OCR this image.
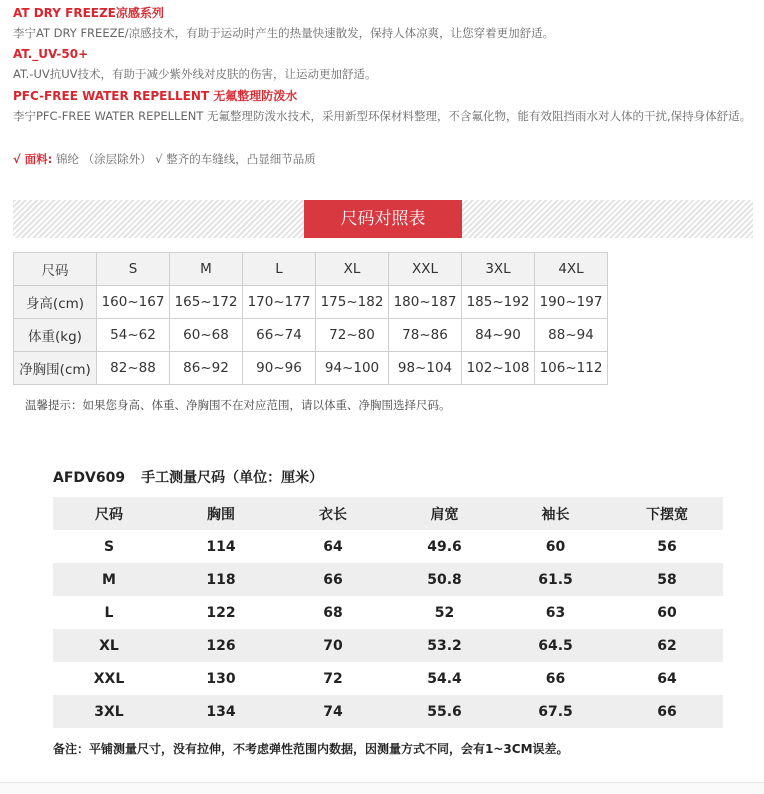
AT DRY FREEZE凉感系列
李宁AT DRY FREEZE/凉感技术，有助于运动时产生的热量快速散发，保持人体凉爽，让您穿着更加舒适。
AT._UV-50+
AT.-UV抗UV技术，有助于减少紫外线对皮肤的伤害，让运动更加舒适。
PFC-FREE WATER REPELLENT 无氟整理防泼水
李宁PFC-FREE WATER REPELLENT 无氟整理防泼水技术，采用新型环保材料整理，不含氟化物，能有效阻挡雨水对人体的干扰,保持身体舒适。
√ 面料: 锦纶 （涂层除外） √ 整齐的车缝线，凸显细节品质
尺码对照表
尺码	S	M	L	XL	XXL	3XL	4XL
身高(cm)	160~167	165~172	170~177	175~182	180~187	185~192	190~197
体重(kg)	54~62	60~68	66~74	72~80	78~86	84~90	88~94
净胸围(cm)	82~88	86~92	90~96	94~100	98~104	102~108	106~112
温馨提示：如果您身高、体重、净胸围不在对应范围，请以体重、净胸围选择尺码。
AFDV609 手工测量尺码（单位：厘米）
尺码	胸围	衣长	肩宽	袖长	下摆宽
S	114	64	49.6	60	56
M	118	66	50.8	61.5	58
L	122	68	52	63	60
XL	126	70	53.2	64.5	62
XXL	130	72	54.4	66	64
3XL	134	74	55.6	67.5	66
备注：平铺测量尺寸，没有拉伸，不考虑弹性范围内数据，因测量方式不同，会有1~3CM误差。
